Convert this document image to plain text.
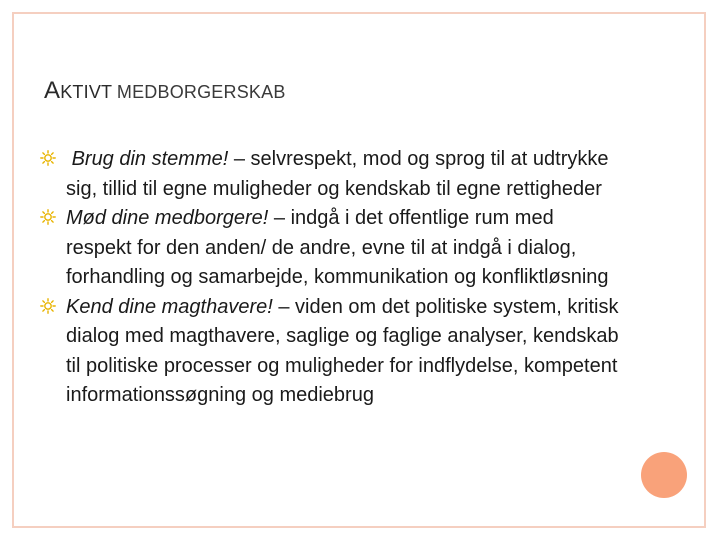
AKTIVT MEDBORGERSKAB
Brug din stemme! – selvrespekt, mod og sprog til at udtrykke sig, tillid til egne muligheder og kendskab til egne rettigheder
Mød dine medborgere! – indgå i det offentlige rum med respekt for den anden/ de andre, evne til at indgå i dialog, forhandling og samarbejde, kommunikation og konfliktløsning
Kend dine magthavere! – viden om det politiske system, kritisk dialog med magthavere, saglige og faglige analyser, kendskab til politiske processer og muligheder for indflydelse, kompetent informationssøgning og mediebrug
